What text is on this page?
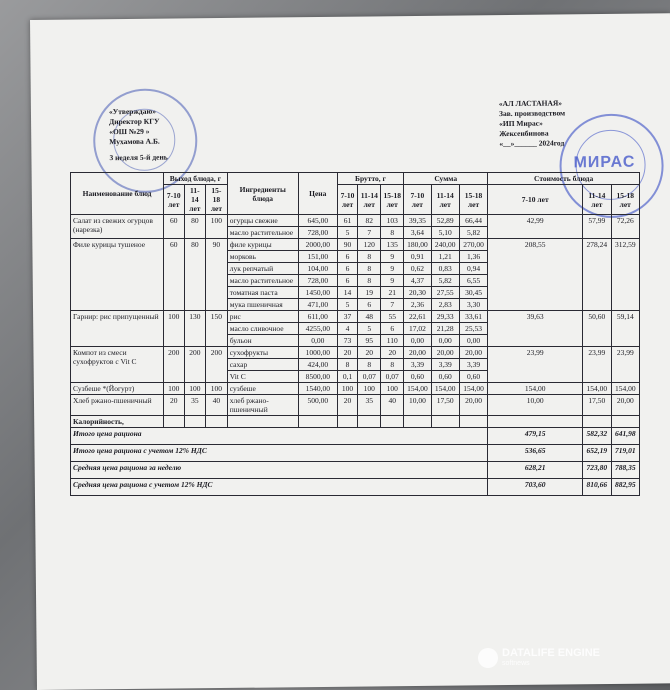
«Утверждаю»
Директор КГУ
«ОШ №29 »
Мухамова А.Б.
3 неделя 5-й день
«АЛ ЛАСТАНАЯ»
Зав. производством
«ИП Мирас»
Жексенбинова
«__»______ 2024год
МИРАС
Наименование блюд	Выход блюда, г			Ингредиенты блюда	Цена	Брутто, г			Сумма			Стоимость блюда		
	7-10 лет	11-14 лет	15-18 лет			7-10 лет	11-14 лет	15-18 лет	7-10 лет	11-14 лет	15-18 лет	7-10 лет	11-14 лет	15-18 лет
Салат из свежих огурцов (нарезка)	60	80	100	огурцы свежие	645,00	61	82	103	39,35	52,89	66,44	42,99	57,99	72,26
				масло растительное	728,00	5	7	8	3,64	5,10	5,82			
Филе курицы тушеное	60	80	90	филе курицы	2000,00	90	120	135	180,00	240,00	270,00	208,55	278,24	312,59
				морковь	151,00	6	8	9	0,91	1,21	1,36			
				лук репчатый	104,00	6	8	9	0,62	0,83	0,94			
				масло растительное	728,00	6	8	9	4,37	5,82	6,55			
				томатная паста	1450,00	14	19	21	20,30	27,55	30,45			
				мука пшеничная	471,00	5	6	7	2,36	2,83	3,30			
Гарнир: рис припущенный	100	130	150	рис	611,00	37	48	55	22,61	29,33	33,61	39,63	50,60	59,14
				масло сливочное	4255,00	4	5	6	17,02	21,28	25,53			
				бульон	0,00	73	95	110	0,00	0,00	0,00			
Компот из смеси сухофруктов с Vit C	200	200	200	сухофрукты	1000,00	20	20	20	20,00	20,00	20,00	23,99	23,99	23,99
				сахар	424,00	8	8	8	3,39	3,39	3,39			
				Vit C	8500,00	0,1	0,07	0,07	0,60	0,60	0,60			
Сузбеше *(Йогурт)	100	100	100	сузбеше	1540,00	100	100	100	154,00	154,00	154,00	154,00	154,00	154,00
Хлеб ржано-пшеничный	20	35	40	хлеб ржано-пшеничный	500,00	20	35	40	10,00	17,50	20,00	10,00	17,50	20,00
Калорийность,														
Итого цена рациона												479,15	582,32	641,98
Итого цена рациона с учетом 12% НДС												536,65	652,19	719,01
Средняя цена рациона за неделю												628,21	723,80	788,35
Средняя цена рациона с учетом 12% НДС												703,60	810,66	882,95
DATALIFE ENGINE
softnews
